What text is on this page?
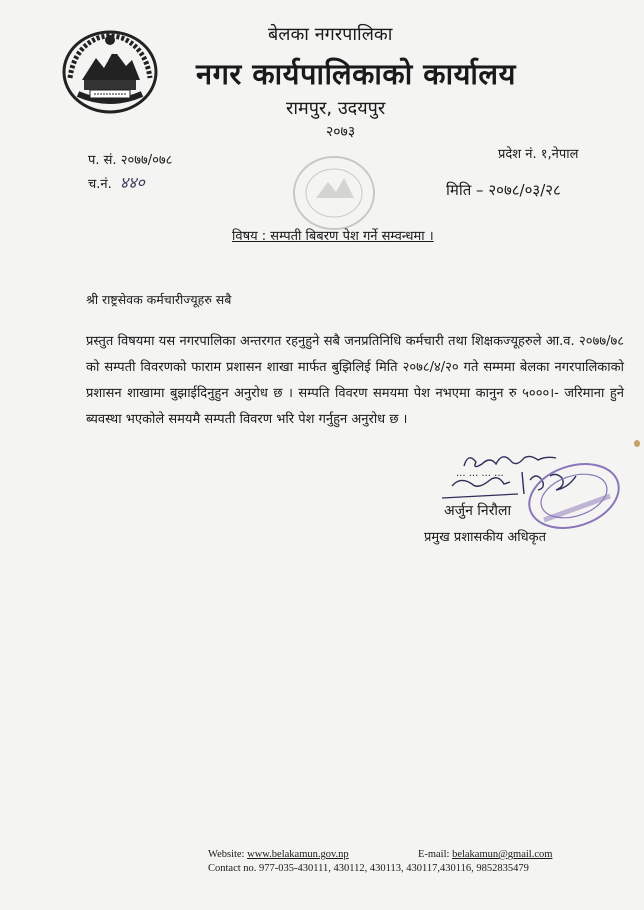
बेलका नगरपालिका
नगर कार्यपालिकाको कार्यालय
रामपुर, उदयपुर
२०७३
प. सं. २०७७/०७८
च.नं. ४४०
प्रदेश नं. १,नेपाल
मिति – २०७८/०३/२८
विषय : सम्पती बिबरण पेश गर्ने सम्वन्धमा ।
श्री राष्ट्रसेवक कर्मचारीज्यूहरु सबै
प्रस्तुत विषयमा यस नगरपालिका अन्तरगत रहनुहुने सबै जनप्रतिनिधि कर्मचारी तथा शिक्षकज्यूहरुले आ.व. २०७७/७८ को सम्पती विवरणको फाराम प्रशासन शाखा मार्फत बुझिलिई मिति २०७८/४/२० गते सम्ममा बेलका नगरपालिकाको प्रशासन शाखामा बुझाईदिनुहुन अनुरोध छ । सम्पति विवरण समयमा पेश नभएमा कानुन रु ५०००।- जरिमाना हुने ब्यवस्था भएकोले समयमै सम्पती विवरण भरि पेश गर्नुहुन अनुरोध छ ।
... ... ... ...
अर्जुन निरौला
प्रमुख प्रशासकीय अधिकृत
Website: www.belakamun.gov.np	E-mail: belakamun@gmail.com
Contact no. 977-035-430111, 430112, 430113, 430117,430116, 9852835479
